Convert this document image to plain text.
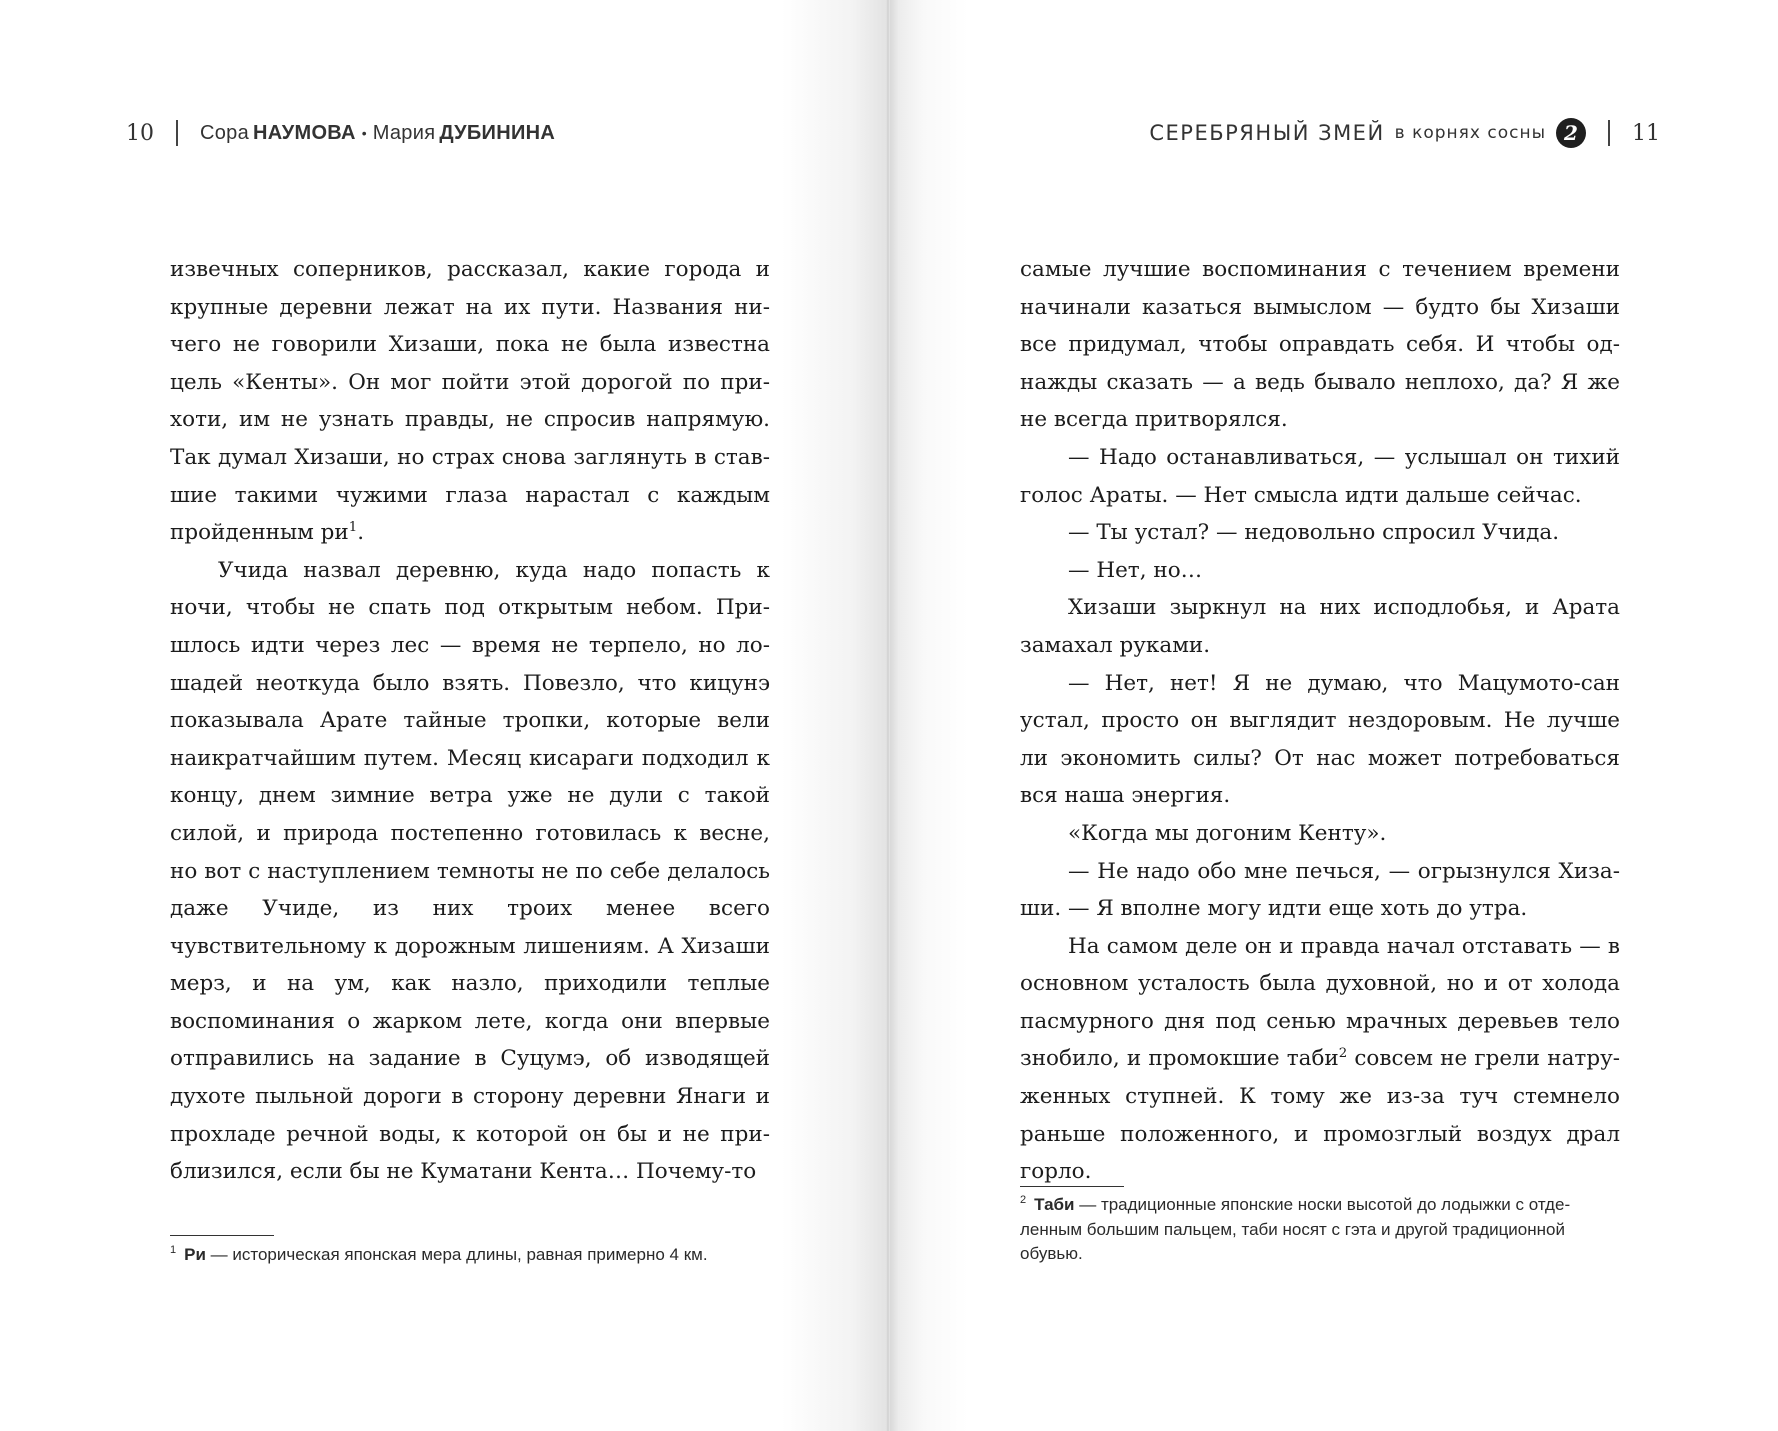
10 Сора
НАУМОВА • Мария
ДУБИНИНА

извечных соперников, рассказал, какие города и крупные деревни лежат на их пути. Названия ничего не говорили Хизаши, пока не была известна цель «Кенты». Он мог пойти этой дорогой по прихоти, им не узнать правды, не спросив напрямую. Так думал Хизаши, но страх снова заглянуть в ставшие такими чужими глаза нарастал с каждым пройденным $ри^1$.

Учида назвал деревню, куда надо попасть к ночи, чтобы не спать под открытым небом. Пришлось идти через лес — время не терпело, но лошадей неоткуда было взять. Повезло, что кицунэ показывала Арате тайные тропки, которые вели наикратчайшим путем. Месяц кисараги подходил к концу, днем зимние ветра уже не дули с такой силой, и природа постепенно готовилась к весне, но вот с наступлением темноты не по себе делалось даже Учиде, из них троих менее всего чувствительному к дорожным лишениям. А Хизаши мерз, и на ум, как назло, приходили теплые воспоминания о жарком лете, когда они впервые отправились на задание в Суцумэ, об изводящей духоте пыльной дороги в сторону деревни Янаги и прохладе речной воды, к которой он бы и не приблизился, если бы не Куматани Кента… Почему-то

$^1$ Ри — историческая японская мера длины, равная примерно 4 км.
СЕРЕБРЯНЫЙ ЗМЕЙ в корнях сосны 2	11

самые лучшие воспоминания с течением времени начинали казаться вымыслом — будто бы Хизаши все придумал, чтобы оправдать себя. И чтобы однажды сказать — а ведь бывало неплохо, да? Я же не всегда притворялся.

— Надо останавливаться, — услышал он тихий голос Араты. — Нет смысла идти дальше сейчас.

— Ты устал? — недовольно спросил Учида.

— Нет, но…

Хизаши зыркнул на них исподлобья, и Арата замахал руками.

— Нет, нет! Я не думаю, что Мацумото-сан устал, просто он выглядит нездоровым. Не лучше ли экономить силы? От нас может потребоваться вся наша энергия.

«Когда мы догоним Кенту».

— Не надо обо мне печься, — огрызнулся Хизаши. — Я вполне могу идти еще хоть до утра.

На самом деле он и правда начал отставать — в основном усталость была духовной, но и от холода пасмурного дня под сенью мрачных деревьев тело знобило, и промокшие таби$^2$ совсем не грели натруженных ступней. К тому же из-за туч стемнело раньше положенного, и промозглый воздух драл горло.

$^2$ Таби — традиционные японские носки высотой до лодыжки с отделенным большим пальцем, таби носят с гэта и другой традиционной обувью.
